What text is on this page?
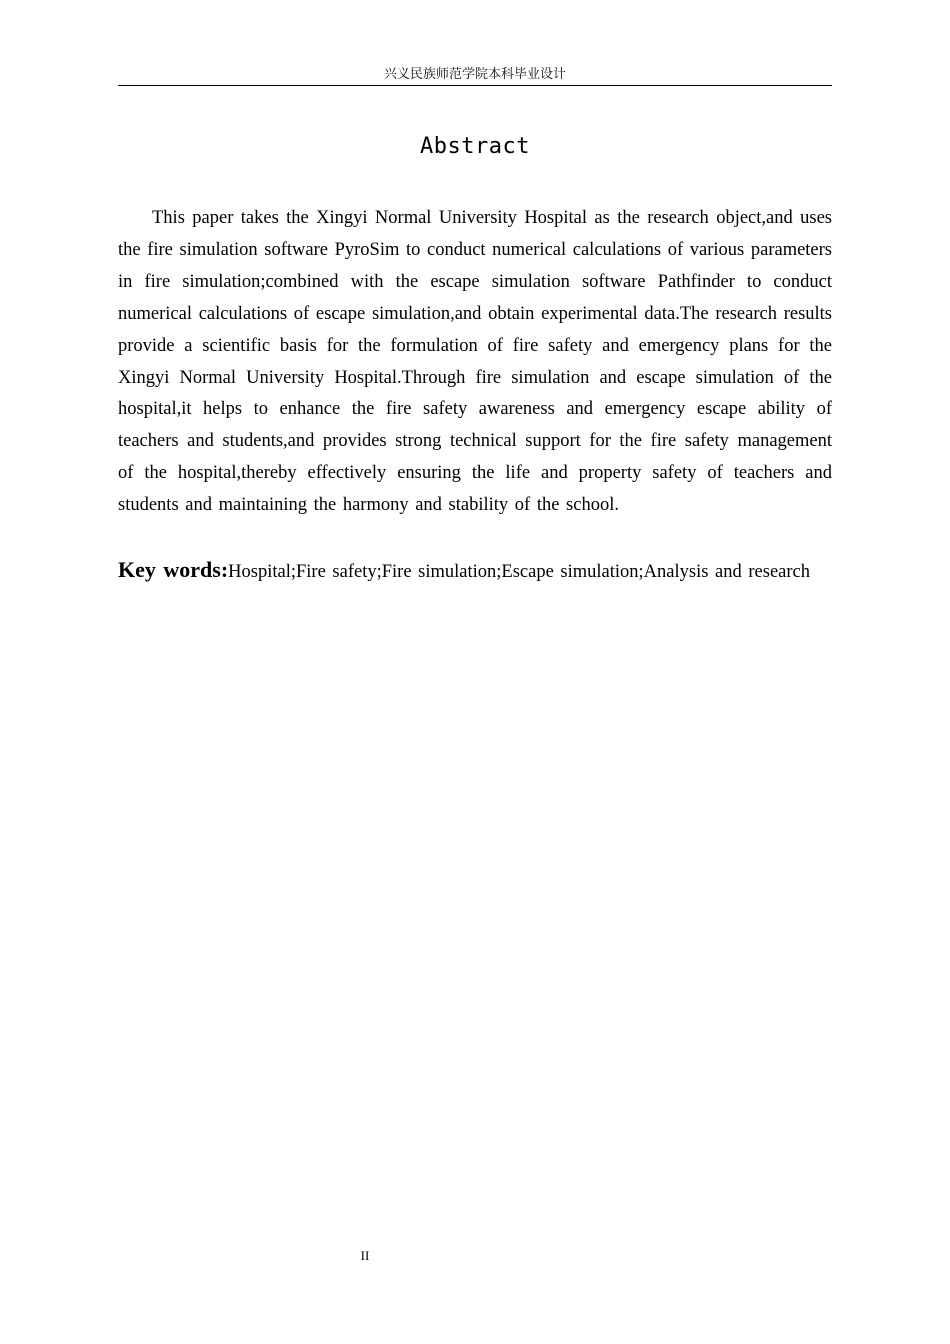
兴义民族师范学院本科毕业设计
Abstract

This paper takes the Xingyi Normal University Hospital as the research object,and uses the fire simulation software PyroSim to conduct numerical calculations of various parameters in fire simulation;combined with the escape simulation software Pathfinder to conduct numerical calculations of escape simulation,and obtain experimental data.The research results provide a scientific basis for the formulation of fire safety and emergency plans for the Xingyi Normal University Hospital.Through fire simulation and escape simulation of the hospital,it helps to enhance the fire safety awareness and emergency escape ability of teachers and students,and provides strong technical support for the fire safety management of the hospital,thereby effectively ensuring the life and property safety of teachers and students and maintaining the harmony and stability of the school.

Key words:Hospital;Fire safety;Fire simulation;Escape simulation;Analysis and research

II
